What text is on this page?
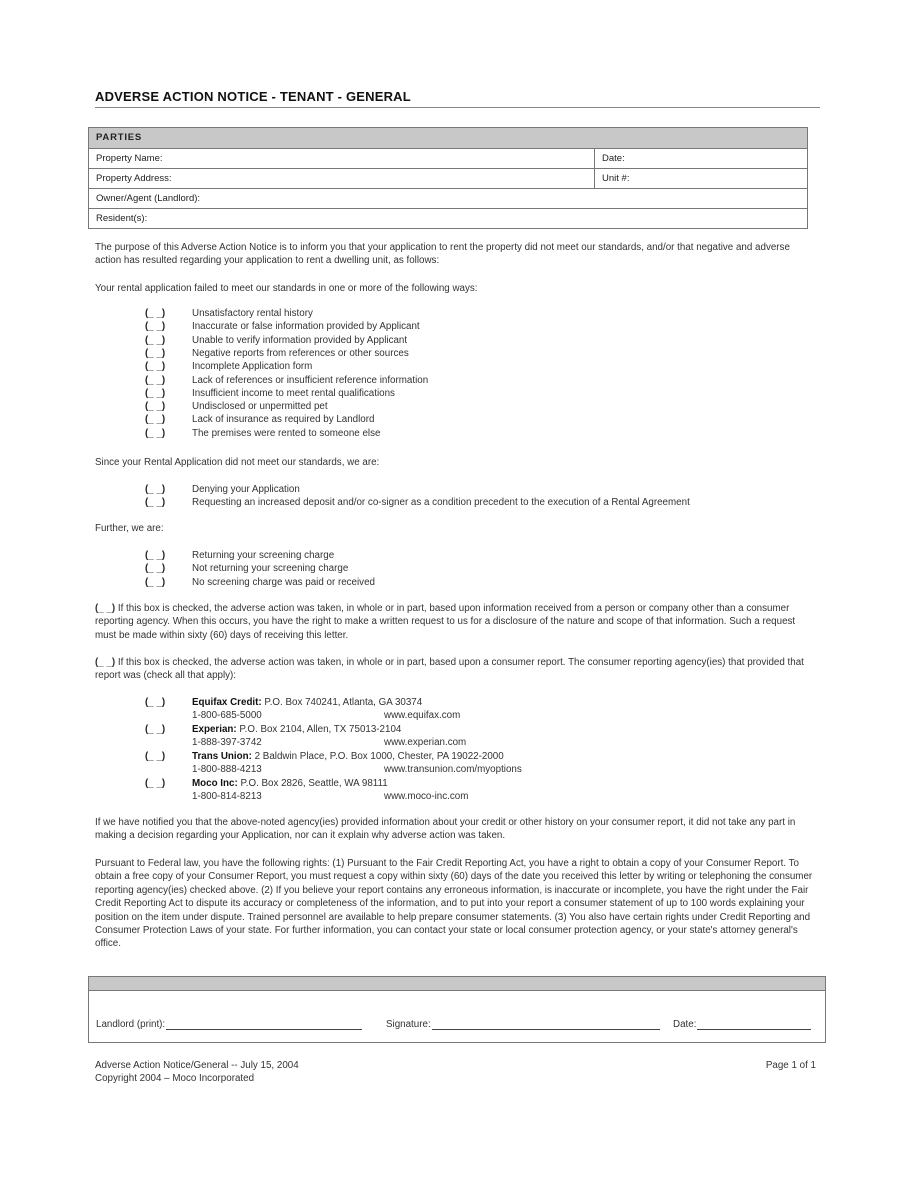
ADVERSE ACTION NOTICE - TENANT - GENERAL
PARTIES
Property Name:	Date:
Property Address:	Unit #:
Owner/Agent (Landlord):
Resident(s):

The purpose of this Adverse Action Notice is to inform you that your application to rent the property did not meet our standards, and/or that negative and adverse action has resulted regarding your application to rent a dwelling unit, as follows:

Your rental application failed to meet our standards in one or more of the following ways:
(_ _)	Unsatisfactory rental history
(_ _)	Inaccurate or false information provided by Applicant
(_ _)	Unable to verify information provided by Applicant
(_ _)	Negative reports from references or other sources
(_ _)	Incomplete Application form
(_ _)	Lack of references or insufficient reference information
(_ _)	Insufficient income to meet rental qualifications
(_ _)	Undisclosed or unpermitted pet
(_ _)	Lack of insurance as required by Landlord
(_ _)	The premises were rented to someone else
Since your Rental Application did not meet our standards, we are:
(_ _)	Denying your Application
(_ _)	Requesting an increased deposit and/or co-signer as a condition precedent to the execution of a Rental Agreement
Further, we are:
(_ _)	Returning your screening charge
(_ _)	Not returning your screening charge
(_ _)	No screening charge was paid or received

(_ _) If this box is checked, the adverse action was taken, in whole or in part, based upon information received from a person or company other than a consumer reporting agency. When this occurs, you have the right to make a written request to us for a disclosure of the nature and scope of that information. Such a request must be made within sixty (60) days of receiving this letter.

(_ _) If this box is checked, the adverse action was taken, in whole or in part, based upon a consumer report. The consumer reporting agency(ies) that provided that report was (check all that apply):

(_ _)	Equifax Credit:
P.O. Box 740241, Atlanta, GA 30374
1-800-685-5000	www.equifax.com
(_ _)	Experian:
P.O. Box 2104, Allen, TX 75013-2104
1-888-397-3742	www.experian.com
(_ _)	Trans Union:
2 Baldwin Place, P.O. Box 1000, Chester, PA 19022-2000
1-800-888-4213	www.transunion.com/myoptions
(_ _)	Moco Inc:
P.O. Box 2826, Seattle, WA 98111
1-800-814-8213	www.moco-inc.com
If we have notified you that the above-noted agency(ies) provided information about your credit or other history on your consumer report, it did not take any part in making a decision regarding your Application, nor can it explain why adverse action was taken.
Pursuant to Federal law, you have the following rights: (1) Pursuant to the Fair Credit Reporting Act, you have a right to obtain a copy of your Consumer Report. To obtain a free copy of your Consumer Report, you must request a copy within sixty (60) days of the date you received this letter by writing or telephoning the consumer reporting agency(ies) checked above. (2) If you believe your report contains any erroneous information, is inaccurate or incomplete, you have the right under the Fair Credit Reporting Act to dispute its accuracy or completeness of the information, and to put into your report a consumer statement of up to 100 words explaining your position on the item under dispute. Trained personnel are available to help prepare consumer statements. (3) You also have certain rights under Credit Reporting and Consumer Protection Laws of your state. For further information, you can contact your state or local consumer protection agency, or your state's attorney general's office.
Landlord (print):	Signature:	Date:
Adverse Action Notice/General -- July 15, 2004
Copyright 2004 – Moco Incorporated
Page 1 of 1
